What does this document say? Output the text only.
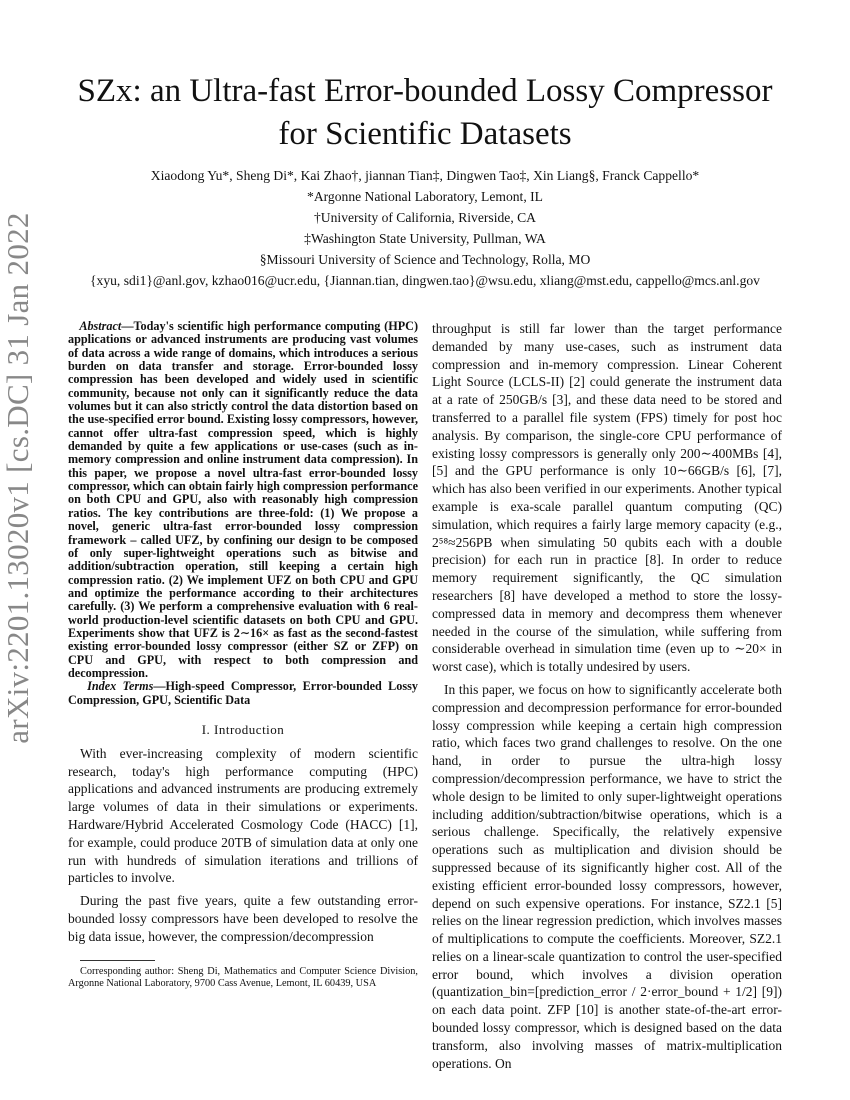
arXiv:2201.13020v1 [cs.DC] 31 Jan 2022
SZx: an Ultra-fast Error-bounded Lossy Compressor
for Scientific Datasets
Xiaodong Yu*, Sheng Di*, Kai Zhao†, jiannan Tian‡, Dingwen Tao‡, Xin Liang§, Franck Cappello*
*Argonne National Laboratory, Lemont, IL
†University of California, Riverside, CA
‡Washington State University, Pullman, WA
§Missouri University of Science and Technology, Rolla, MO
{xyu, sdi1}@anl.gov, kzhao016@ucr.edu, {Jiannan.tian, dingwen.tao}@wsu.edu, xliang@mst.edu, cappello@mcs.anl.gov
Abstract—Today's scientific high performance computing (HPC) applications or advanced instruments are producing vast volumes of data across a wide range of domains, which introduces a serious burden on data transfer and storage. Error-bounded lossy compression has been developed and widely used in scientific community, because not only can it significantly reduce the data volumes but it can also strictly control the data distortion based on the use-specified error bound. Existing lossy compressors, however, cannot offer ultra-fast compression speed, which is highly demanded by quite a few applications or use-cases (such as in-memory compression and online instrument data compression). In this paper, we propose a novel ultra-fast error-bounded lossy compressor, which can obtain fairly high compression performance on both CPU and GPU, also with reasonably high compression ratios. The key contributions are three-fold: (1) We propose a novel, generic ultra-fast error-bounded lossy compression framework – called UFZ, by confining our design to be composed of only super-lightweight operations such as bitwise and addition/subtraction operation, still keeping a certain high compression ratio. (2) We implement UFZ on both CPU and GPU and optimize the performance according to their architectures carefully. (3) We perform a comprehensive evaluation with 6 real-world production-level scientific datasets on both CPU and GPU. Experiments show that UFZ is 2∼16× as fast as the second-fastest existing error-bounded lossy compressor (either SZ or ZFP) on CPU and GPU, with respect to both compression and decompression.
Index Terms—High-speed Compressor, Error-bounded Lossy Compression, GPU, Scientific Data
I. Introduction

With ever-increasing complexity of modern scientific research, today's high performance computing (HPC) applications and advanced instruments are producing extremely large volumes of data in their simulations or experiments. Hardware/Hybrid Accelerated Cosmology Code (HACC) [1], for example, could produce 20TB of simulation data at only one run with hundreds of simulation iterations and trillions of particles to involve.

During the past five years, quite a few outstanding error-bounded lossy compressors have been developed to resolve the big data issue, however, the compression/decompression

Corresponding author: Sheng Di, Mathematics and Computer Science Division, Argonne National Laboratory, 9700 Cass Avenue, Lemont, IL 60439, USA

throughput is still far lower than the target performance demanded by many use-cases, such as instrument data compression and in-memory compression. Linear Coherent Light Source (LCLS-II) [2] could generate the instrument data at a rate of 250GB/s [3], and these data need to be stored and transferred to a parallel file system (FPS) timely for post hoc analysis. By comparison, the single-core CPU performance of existing lossy compressors is generally only 200∼400MBs [4], [5] and the GPU performance is only 10∼66GB/s [6], [7], which has also been verified in our experiments. Another typical example is exa-scale parallel quantum computing (QC) simulation, which requires a fairly large memory capacity (e.g., 2⁵⁸≈256PB when simulating 50 qubits each with a double precision) for each run in practice [8]. In order to reduce memory requirement significantly, the QC simulation researchers [8] have developed a method to store the lossy-compressed data in memory and decompress them whenever needed in the course of the simulation, while suffering from considerable overhead in simulation time (even up to ∼20× in worst case), which is totally undesired by users.

In this paper, we focus on how to significantly accelerate both compression and decompression performance for error-bounded lossy compression while keeping a certain high compression ratio, which faces two grand challenges to resolve. On the one hand, in order to pursue the ultra-high lossy compression/decompression performance, we have to strict the whole design to be limited to only super-lightweight operations including addition/subtraction/bitwise operations, which is a serious challenge. Specifically, the relatively expensive operations such as multiplication and division should be suppressed because of its significantly higher cost. All of the existing efficient error-bounded lossy compressors, however, depend on such expensive operations. For instance, SZ2.1 [5] relies on the linear regression prediction, which involves masses of multiplications to compute the coefficients. Moreover, SZ2.1 relies on a linear-scale quantization to control the user-specified error bound, which involves a division operation (quantization_bin=[prediction_error / 2·error_bound + 1/2] [9]) on each data point. ZFP [10] is another state-of-the-art error-bounded lossy compressor, which is designed based on the data transform, also involving masses of matrix-multiplication operations. On
